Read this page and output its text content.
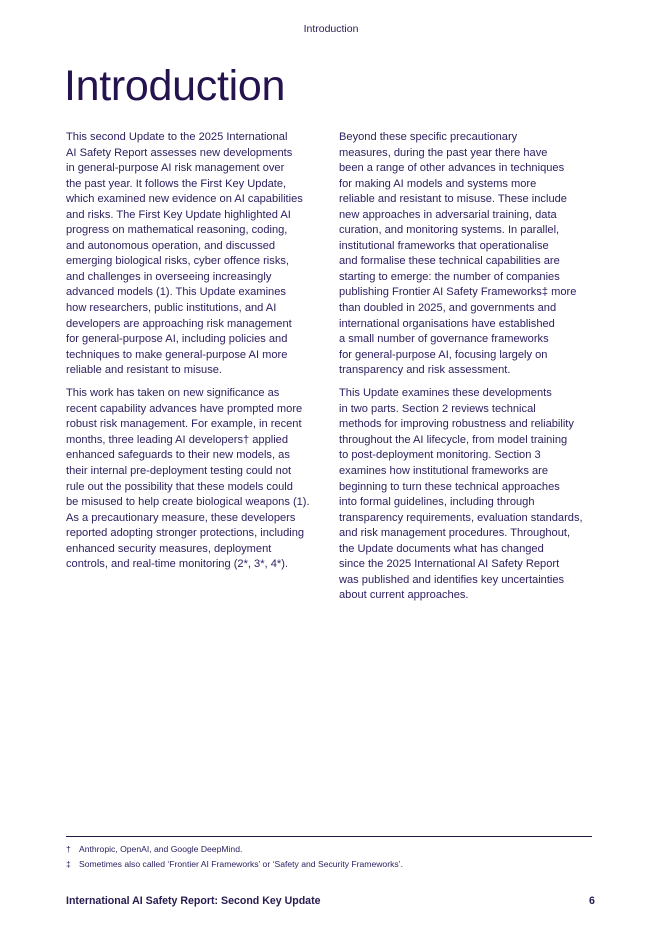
Introduction
Introduction

This second Update to the 2025 International
AI Safety Report assesses new developments
in general-purpose AI risk management over
the past year. It follows the First Key Update,
which examined new evidence on AI capabilities
and risks. The First Key Update highlighted AI
progress on mathematical reasoning, coding,
and autonomous operation, and discussed
emerging biological risks, cyber offence risks,
and challenges in overseeing increasingly
advanced models (1). This Update examines
how researchers, public institutions, and AI
developers are approaching risk management
for general-purpose AI, including policies and
techniques to make general-purpose AI more
reliable and resistant to misuse.

This work has taken on new significance as
recent capability advances have prompted more
robust risk management. For example, in recent
months, three leading AI developers† applied
enhanced safeguards to their new models, as
their internal pre-deployment testing could not
rule out the possibility that these models could
be misused to help create biological weapons (1).
As a precautionary measure, these developers
reported adopting stronger protections, including
enhanced security measures, deployment
controls, and real-time monitoring (2*, 3*, 4*).

Beyond these specific precautionary
measures, during the past year there have
been a range of other advances in techniques
for making AI models and systems more
reliable and resistant to misuse. These include
new approaches in adversarial training, data
curation, and monitoring systems. In parallel,
institutional frameworks that operationalise
and formalise these technical capabilities are
starting to emerge: the number of companies
publishing Frontier AI Safety Frameworks‡ more
than doubled in 2025, and governments and
international organisations have established
a small number of governance frameworks
for general-purpose AI, focusing largely on
transparency and risk assessment.

This Update examines these developments
in two parts. Section 2 reviews technical
methods for improving robustness and reliability
throughout the AI lifecycle, from model training
to post-deployment monitoring. Section 3
examines how institutional frameworks are
beginning to turn these technical approaches
into formal guidelines, including through
transparency requirements, evaluation standards,
and risk management procedures. Throughout,
the Update documents what has changed
since the 2025 International AI Safety Report
was published and identifies key uncertainties
about current approaches.

† Anthropic, OpenAI, and Google DeepMind.
‡ Sometimes also called ‘Frontier AI Frameworks’ or ‘Safety and Security Frameworks’.
International AI Safety Report: Second Key Update	6
